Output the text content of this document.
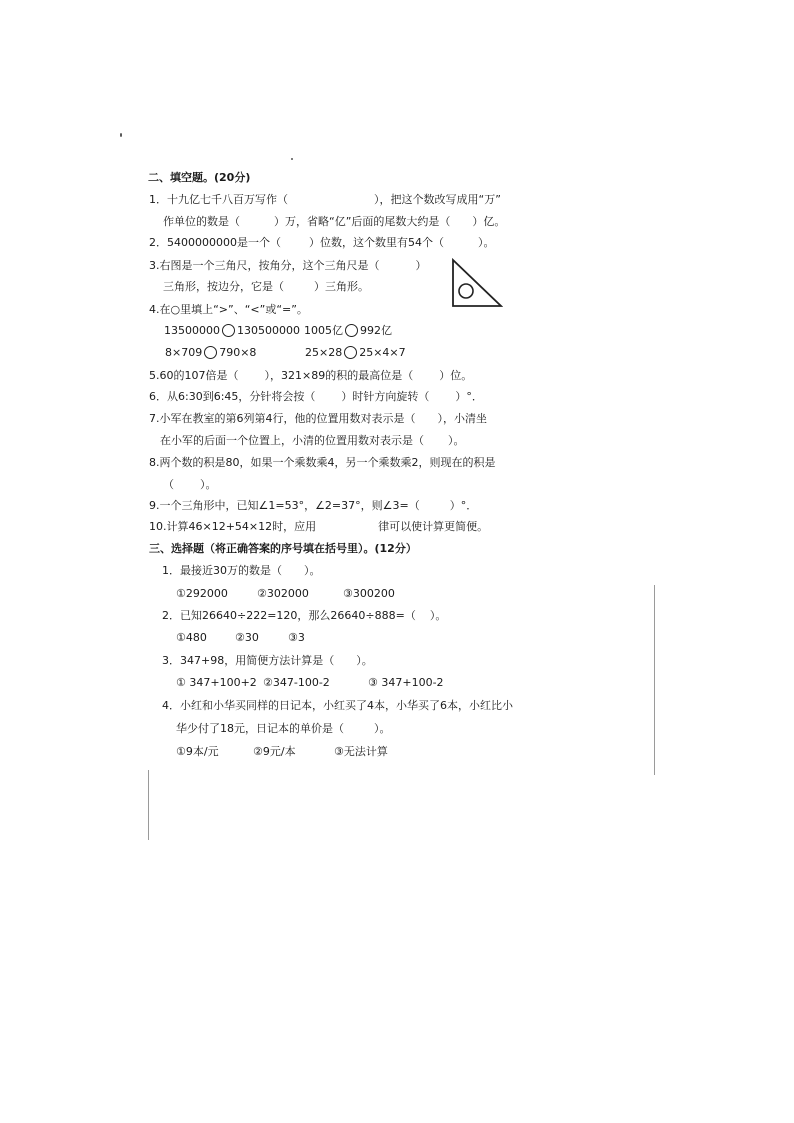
二、填空题。(20分)
1．十九亿七千八百万写作（	），把这个数改写成用“万”
作单位的数是（	）万，省略“亿”后面的尾数大约是（ ）亿。
2．5400000000是一个（	）位数，这个数里有54个（	）。
3.右图是一个三角尺，按角分，这个三角尺是（	）
三角形，按边分，它是（	）三角形。
4.在○里填上“>”、“<”或“=”。
13500000 130500000 1005亿 992亿
8×709 790×8	25×28 25×4×7
5.60的107倍是（ ），321×89的积的最高位是（ ）位。
6．从6:30到6:45，分针将会按（ ）时针方向旋转（ ）°．
7.小军在教室的第6列第4行，他的位置用数对表示是（ ），小清坐
在小军的后面一个位置上，小清的位置用数对表示是（ ）。
8.两个数的积是80，如果一个乘数乘4，另一个乘数乘2，则现在的积是
（ ）。
9.一个三角形中，已知∠1=53°，∠2=37°，则∠3=（	）°．
10.计算46×12+54×12时，应用	律可以使计算更简便。
三、选择题（将正确答案的序号填在括号里）。(12分）
1．最接近30万的数是（ ）。
①292000	②302000	③300200
2．已知26640÷222=120，那么26640÷888=（ ）。
①480	②30	③3
3．347+98，用简便方法计算是（ ）。
① 347+100+2 ②347-100-2	③ 347+100-2
4．小红和小华买同样的日记本，小红买了4本，小华买了6本，小红比小
华少付了18元，日记本的单价是（	）。
①9本/元	②9元/本	③无法计算
